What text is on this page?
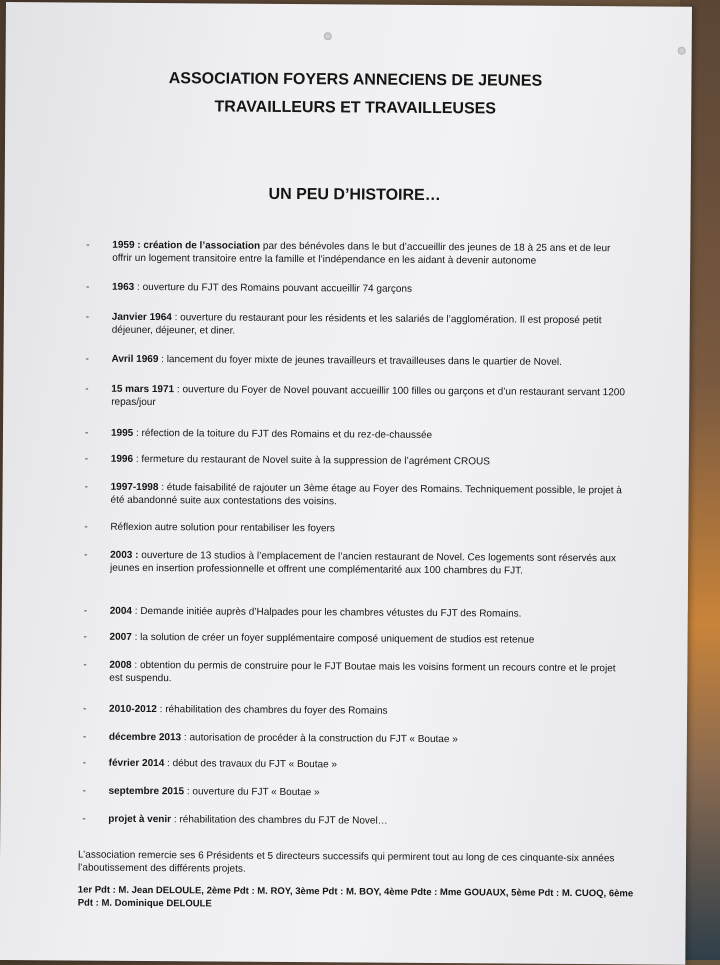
ASSOCIATION FOYERS ANNECIENS DE JEUNES
TRAVAILLEURS ET TRAVAILLEUSES
UN PEU D’HISTOIRE…
-	1959 : création de l’association par des bénévoles dans le but d’accueillir des jeunes de 18 à 25 ans et de leur offrir un logement transitoire entre la famille et l’indépendance en les aidant à devenir autonome
-	1963 : ouverture du FJT des Romains pouvant accueillir 74 garçons
-	Janvier 1964 : ouverture du restaurant pour les résidents et les salariés de l’agglomération. Il est proposé petit déjeuner, déjeuner, et diner.
-	Avril 1969 : lancement du foyer mixte de jeunes travailleurs et travailleuses dans le quartier de Novel.
-	15 mars 1971 : ouverture du Foyer de Novel pouvant accueillir 100 filles ou garçons et d’un restaurant servant 1200 repas/jour
-	1995 : réfection de la toiture du FJT des Romains et du rez-de-chaussée
-	1996 : fermeture du restaurant de Novel suite à la suppression de l’agrément CROUS
-	1997-1998 : étude faisabilité de rajouter un 3ème étage au Foyer des Romains. Techniquement possible, le projet à été abandonné suite aux contestations des voisins.
-	Réflexion autre solution pour rentabiliser les foyers
-	2003 : ouverture de 13 studios à l’emplacement de l’ancien restaurant de Novel. Ces logements sont réservés aux jeunes en insertion professionnelle et offrent une complémentarité aux 100 chambres du FJT.
-	2004 : Demande initiée auprès d’Halpades pour les chambres vétustes du FJT des Romains.
-	2007 : la solution de créer un foyer supplémentaire composé uniquement de studios est retenue
-	2008 : obtention du permis de construire pour le FJT Boutae mais les voisins forment un recours contre et le projet est suspendu.
-	2010-2012 : réhabilitation des chambres du foyer des Romains
-	décembre 2013 : autorisation de procéder à la construction du FJT « Boutae »
-	février 2014 : début des travaux du FJT « Boutae »
-	septembre 2015 : ouverture du FJT « Boutae »
-	projet à venir : réhabilitation des chambres du FJT de Novel…
L’association remercie ses 6 Présidents et 5 directeurs successifs qui permirent tout au long de ces cinquante-six années l’aboutissement des différents projets.
1er Pdt : M. Jean DELOULE, 2ème Pdt : M. ROY, 3ème Pdt : M. BOY, 4ème Pdte : Mme GOUAUX, 5ème Pdt : M. CUOQ, 6ème Pdt : M. Dominique DELOULE
